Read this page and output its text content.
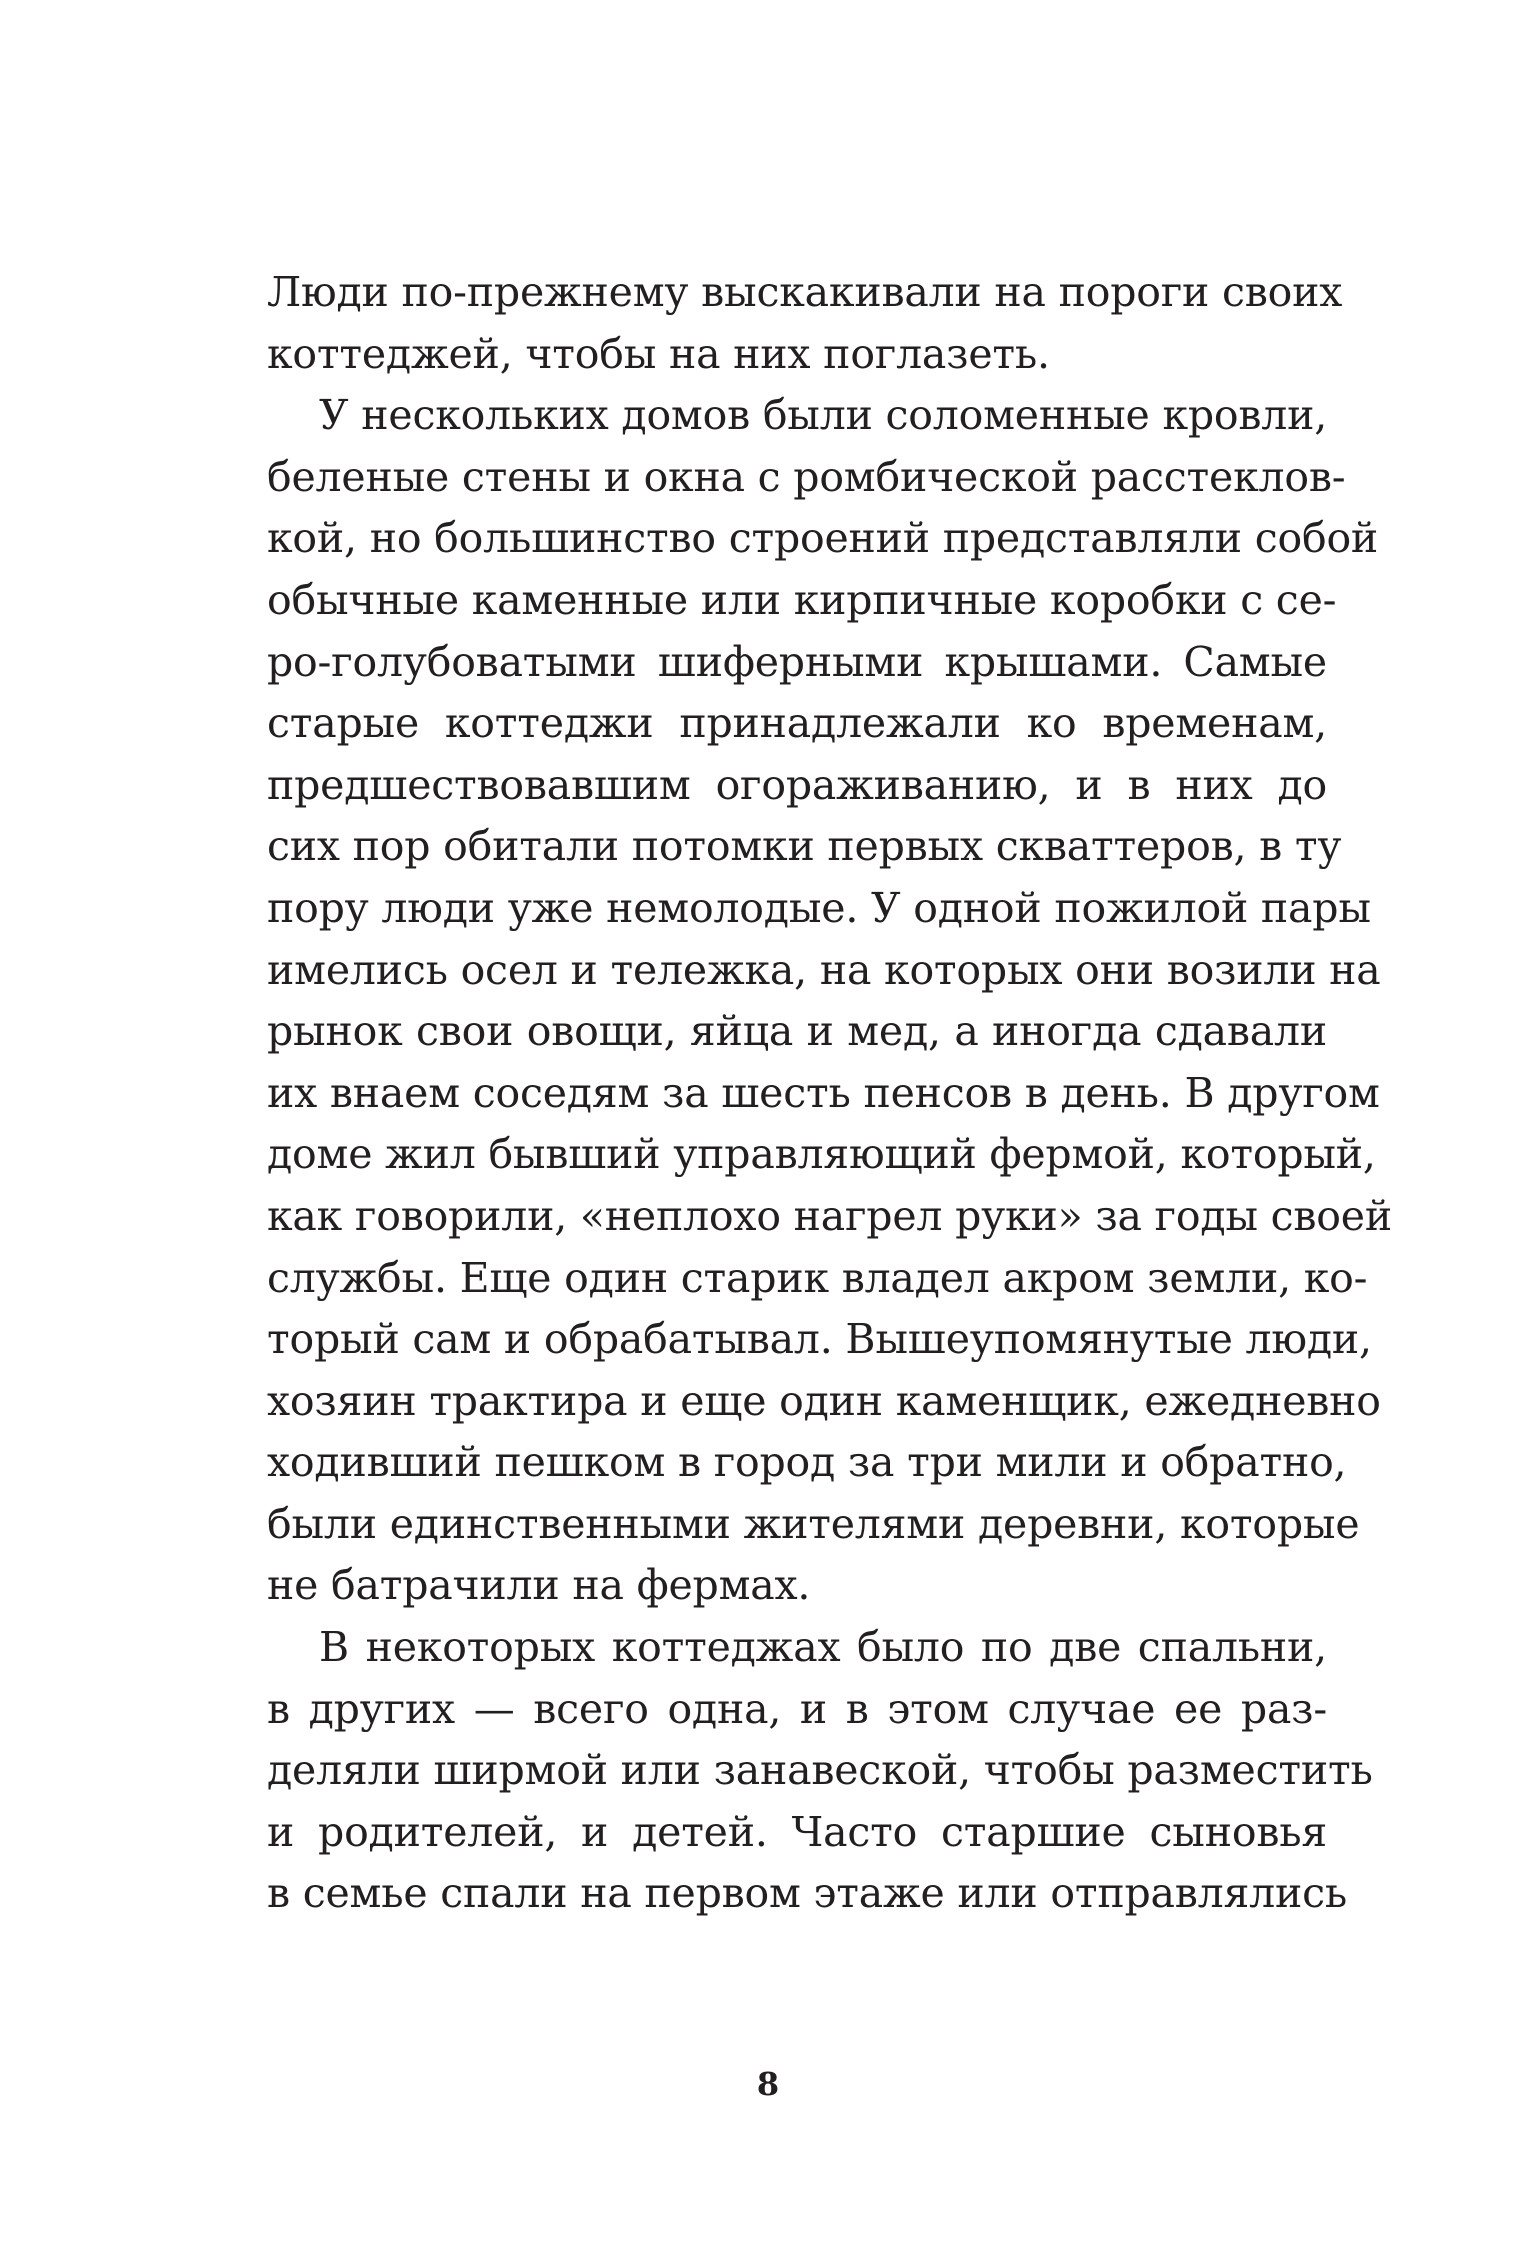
Люди по-прежнему выскакивали на пороги своих
коттеджей, чтобы на них поглазеть.
У нескольких домов были соломенные кровли,
беленые стены и окна с ромбической расстеклов-
кой, но большинство строений представляли собой
обычные каменные или кирпичные коробки с се-
ро-голубоватыми шиферными крышами. Самые
старые коттеджи принадлежали ко временам,
предшествовавшим огораживанию, и в них до
сих пор обитали потомки первых скваттеров, в ту
пору люди уже немолодые. У одной пожилой пары
имелись осел и тележка, на которых они возили на
рынок свои овощи, яйца и мед, а иногда сдавали
их внаем соседям за шесть пенсов в день. В другом
доме жил бывший управляющий фермой, который,
как говорили, «неплохо нагрел руки» за годы своей
службы. Еще один старик владел акром земли, ко-
торый сам и обрабатывал. Вышеупомянутые люди,
хозяин трактира и еще один каменщик, ежедневно
ходивший пешком в город за три мили и обратно,
были единственными жителями деревни, которые
не батрачили на фермах.
В некоторых коттеджах было по две спальни,
в других — всего одна, и в этом случае ее раз-
деляли ширмой или занавеской, чтобы разместить
и родителей, и детей. Часто старшие сыновья
в семье спали на первом этаже или отправлялись
8
